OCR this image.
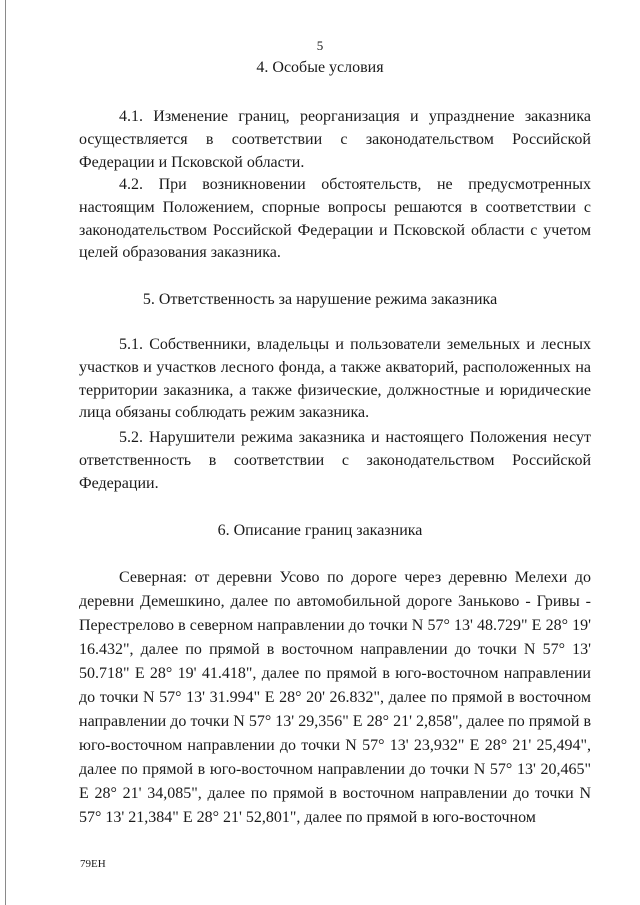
5
4. Особые условия

4.1. Изменение границ, реорганизация и упразднение заказника осуществляется в соответствии с законодательством Российской Федерации и Псковской области.

4.2. При возникновении обстоятельств, не предусмотренных настоящим Положением, спорные вопросы решаются в соответствии с законодательством Российской Федерации и Псковской области с учетом целей образования заказника.

5. Ответственность за нарушение режима заказника

5.1. Собственники, владельцы и пользователи земельных и лесных участков и участков лесного фонда, а также акваторий, расположенных на территории заказника, а также физические, должностные и юридические лица обязаны соблюдать режим заказника.

5.2. Нарушители режима заказника и настоящего Положения несут ответственность в соответствии с законодательством Российской Федерации.

6. Описание границ заказника

Северная: от деревни Усово по дороге через деревню Мелехи до деревни Демешкино, далее по автомобильной дороге Заньково - Гривы - Перестрелово в северном направлении до точки N 57° 13' 48.729" E 28° 19' 16.432", далее по прямой в восточном направлении до точки N 57° 13' 50.718" E 28° 19' 41.418", далее по прямой в юго-восточном направлении до точки N 57° 13' 31.994" E 28° 20' 26.832", далее по прямой в восточном направлении до точки N 57° 13' 29,356" E 28° 21' 2,858", далее по прямой в юго-восточном направлении до точки N 57° 13' 23,932" E 28° 21' 25,494", далее по прямой в юго-восточном направлении до точки N 57° 13' 20,465" E 28° 21' 34,085", далее по прямой в восточном направлении до точки N 57° 13' 21,384" E 28° 21' 52,801", далее по прямой в юго-восточном

79ЕН
